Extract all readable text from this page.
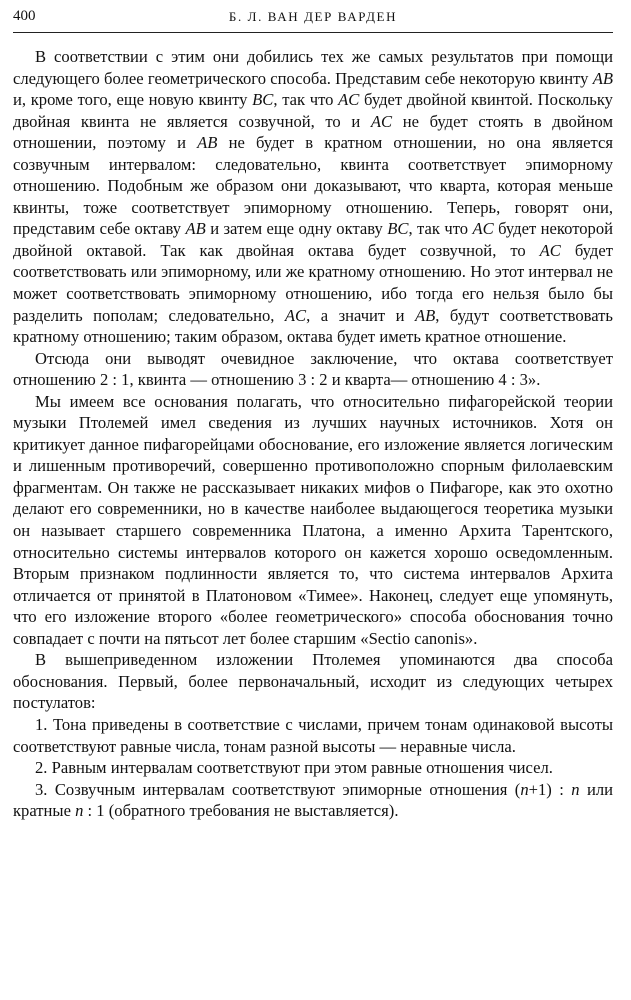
400	Б. Л. ВАН ДЕР ВАРДЕН

В соответствии с этим они добились тех же самых результатов при помощи следующего более геометрического способа. Представим себе некоторую квинту AB и, кроме того, еще новую квинту BC, так что AC будет двойной квинтой. Поскольку двойная квинта не является созвучной, то и AC не будет стоять в двойном отношении, поэтому и AB не будет в кратном отношении, но она является созвучным интервалом: следовательно, квинта соответствует эпиморному отношению. Подобным же образом они доказывают, что кварта, которая меньше квинты, тоже соответствует эпиморному отношению. Теперь, говорят они, представим себе октаву AB и затем еще одну октаву BC, так что AC будет некоторой двойной октавой. Так как двойная октава будет созвучной, то AC будет соответствовать или эпиморному, или же кратному отношению. Но этот интервал не может соответствовать эпиморному отношению, ибо тогда его нельзя было бы разделить пополам; следовательно, AC, а значит и AB, будут соответствовать кратному отношению; таким образом, октава будет иметь кратное отношение.

Отсюда они выводят очевидное заключение, что октава соответствует отношению 2 : 1, квинта — отношению 3 : 2 и кварта— отношению 4 : 3».

Мы имеем все основания полагать, что относительно пифагорейской теории музыки Птолемей имел сведения из лучших научных источников. Хотя он критикует данное пифагорейцами обоснование, его изложение является логическим и лишенным противоречий, совершенно противоположно спорным филолаевским фрагментам. Он также не рассказывает никаких мифов о Пифагоре, как это охотно делают его современники, но в качестве наиболее выдающегося теоретика музыки он называет старшего современника Платона, а именно Архита Тарентского, относительно системы интервалов которого он кажется хорошо осведомленным. Вторым признаком подлинности является то, что система интервалов Архита отличается от принятой в Платоновом «Тимее». Наконец, следует еще упомянуть, что его изложение второго «более геометрического» способа обоснования точно совпадает с почти на пятьсот лет более старшим «Sectio canonis».

В вышеприведенном изложении Птолемея упоминаются два способа обоснования. Первый, более первоначальный, исходит из следующих четырех постулатов:

1. Тона приведены в соответствие с числами, причем тонам одинаковой высоты соответствуют равные числа, тонам разной высоты — неравные числа.

2. Равным интервалам соответствуют при этом равные отношения чисел.

3. Созвучным интервалам соответствуют эпиморные отношения (n+1) : n или кратные n : 1 (обратного требования не выставляется).
